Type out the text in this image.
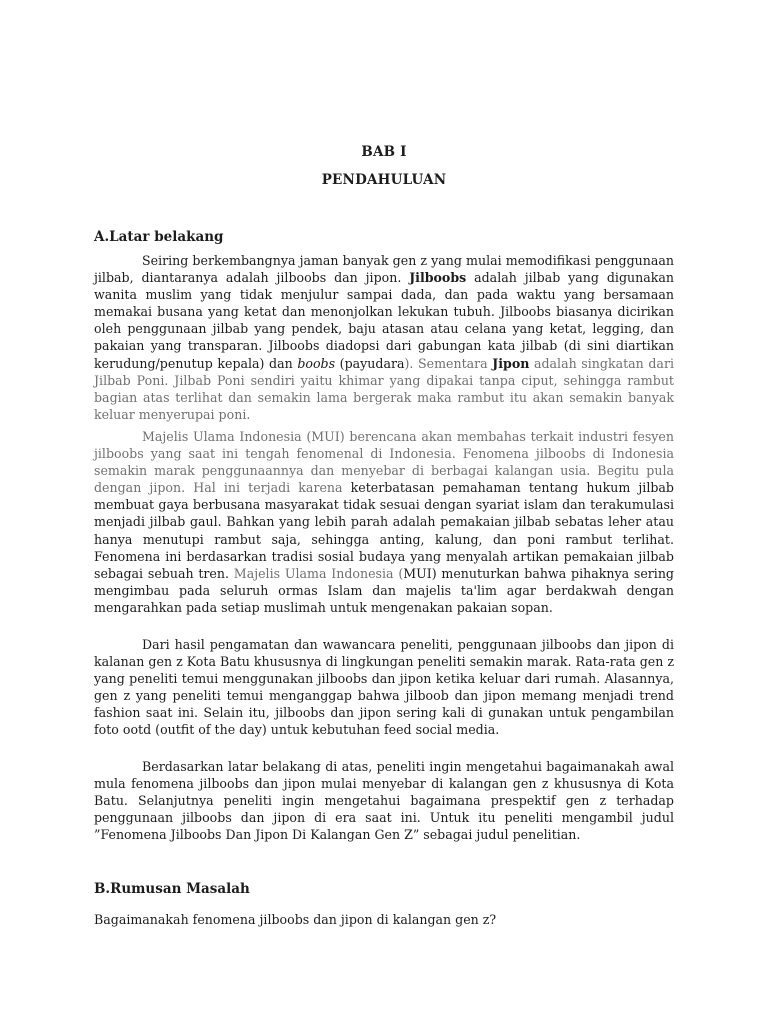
BAB I
PENDAHULUAN
A.Latar belakang

Seiring berkembangnya jaman banyak gen z yang mulai memodifikasi penggunaan jilbab, diantaranya adalah jilboobs dan jipon. Jilboobs adalah jilbab yang digunakan wanita muslim yang tidak menjulur sampai dada, dan pada waktu yang bersamaan memakai busana yang ketat dan menonjolkan lekukan tubuh. Jilboobs biasanya dicirikan oleh penggunaan jilbab yang pendek, baju atasan atau celana yang ketat, legging, dan pakaian yang transparan. Jilboobs diadopsi dari gabungan kata jilbab (di sini diartikan kerudung/penutup kepala) dan boobs (payudara). Sementara Jipon adalah singkatan dari Jilbab Poni. Jilbab Poni sendiri yaitu khimar yang dipakai tanpa ciput, sehingga rambut bagian atas terlihat dan semakin lama bergerak maka rambut itu akan semakin banyak keluar menyerupai poni.

Majelis Ulama Indonesia (MUI) berencana akan membahas terkait industri fesyen jilboobs yang saat ini tengah fenomenal di Indonesia. Fenomena jilboobs di Indonesia semakin marak penggunaannya dan menyebar di berbagai kalangan usia. Begitu pula dengan jipon. Hal ini terjadi karena keterbatasan pemahaman tentang hukum jilbab membuat gaya berbusana masyarakat tidak sesuai dengan syariat islam dan terakumulasi menjadi jilbab gaul. Bahkan yang lebih parah adalah pemakaian jilbab sebatas leher atau hanya menutupi rambut saja, sehingga anting, kalung, dan poni rambut terlihat. Fenomena ini berdasarkan tradisi sosial budaya yang menyalah artikan pemakaian jilbab sebagai sebuah tren. Majelis Ulama Indonesia (MUI) menuturkan bahwa pihaknya sering mengimbau pada seluruh ormas Islam dan majelis ta'lim agar berdakwah dengan mengarahkan pada setiap muslimah untuk mengenakan pakaian sopan.

Dari hasil pengamatan dan wawancara peneliti, penggunaan jilboobs dan jipon di kalanan gen z Kota Batu khususnya di lingkungan peneliti semakin marak. Rata-rata gen z yang peneliti temui menggunakan jilboobs dan jipon ketika keluar dari rumah. Alasannya, gen z yang peneliti temui menganggap bahwa jilboob dan jipon memang menjadi trend fashion saat ini. Selain itu, jilboobs dan jipon sering kali di gunakan untuk pengambilan foto ootd (outfit of the day) untuk kebutuhan feed social media.

Berdasarkan latar belakang di atas, peneliti ingin mengetahui bagaimanakah awal mula fenomena jilboobs dan jipon mulai menyebar di kalangan gen z khususnya di Kota Batu. Selanjutnya peneliti ingin mengetahui bagaimana prespektif gen z terhadap penggunaan jilboobs dan jipon di era saat ini. Untuk itu peneliti mengambil judul ”Fenomena Jilboobs Dan Jipon Di Kalangan Gen Z” sebagai judul penelitian.

B.Rumusan Masalah
Bagaimanakah fenomena jilboobs dan jipon di kalangan gen z?
